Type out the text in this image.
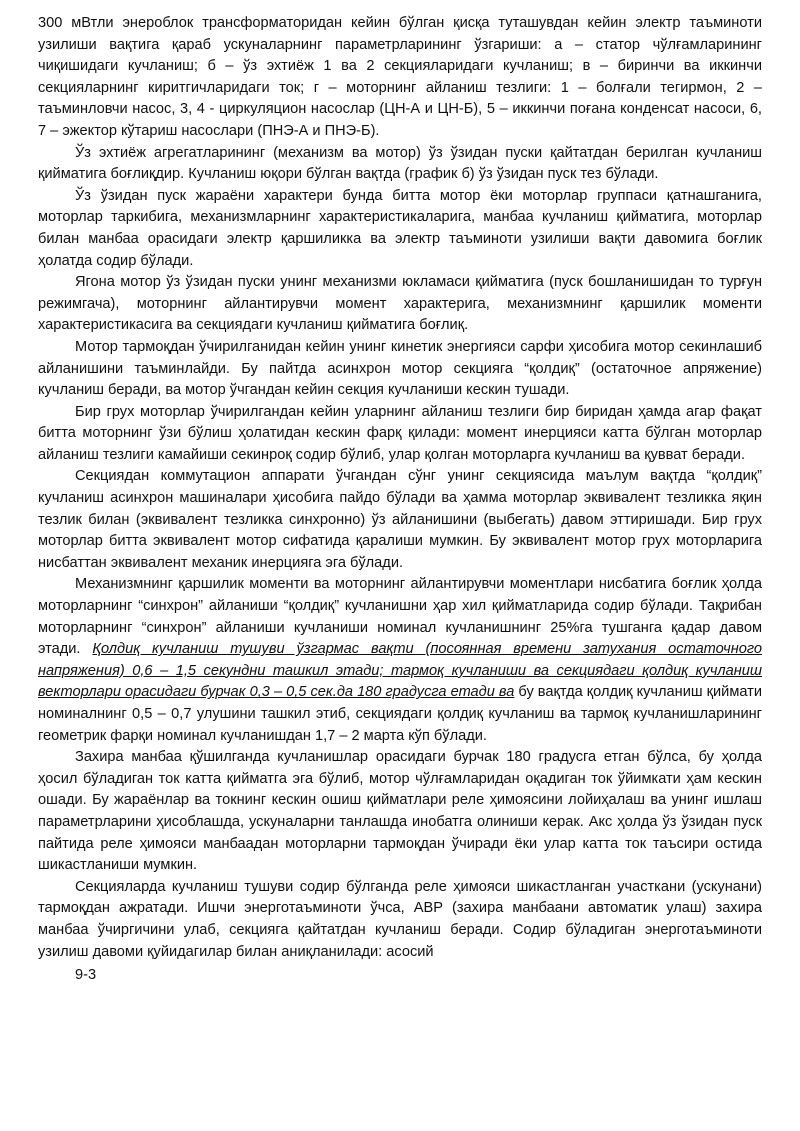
300 мВтли энероблок трансформаторидан кейин бўлган қисқа туташувдан кейин электр таъминоти узилиши вақтига қараб ускуналарнинг параметрларининг ўзгариши: а – статор чўлғамларининг чиқишидаги кучланиш; б – ўз эхтиёж 1 ва 2 секцияларидаги кучланиш; в – биринчи ва иккинчи секцияларнинг киритгичларидаги ток; г – моторнинг айланиш тезлиги: 1 – болғали тегирмон, 2 – таъминловчи насос, 3, 4 - циркуляцион насослар (ЦН-А и ЦН-Б), 5 – иккинчи поғана конденсат насоси, 6, 7 – эжектор кўтариш насослари (ПНЭ-А и ПНЭ-Б).

Ўз эхтиёж агрегатларининг (механизм ва мотор) ўз ўзидан пуски қайтатдан берилган кучланиш қийматига боғлиқдир. Кучланиш юқори бўлган вақтда (график б) ўз ўзидан пуск тез бўлади.

Ўз ўзидан пуск жараёни характери бунда битта мотор ёки моторлар группаси қатнашганига, моторлар таркибига, механизмларнинг характеристикаларига, манбаа кучланиш қийматига, моторлар билан манбаа орасидаги электр қаршиликка ва электр таъминоти узилиши вақти давомига боғлик ҳолатда содир бўлади.

Ягона мотор ўз ўзидан пуски унинг механизми юкламаси қийматига (пуск бошланишидан то турғун режимгача), моторнинг айлантирувчи момент характерига, механизмнинг қаршилик моменти характеристикасига ва секциядаги кучланиш қийматига боғлиқ.

Мотор тармоқдан ўчирилганидан кейин унинг кинетик энергияси сарфи ҳисобига мотор секинлашиб айланишини таъминлайди. Бу пайтда асинхрон мотор секцияга “қолдиқ” (остаточное апряжение) кучланиш беради, ва мотор ўчгандан кейин секция кучланиши кескин тушади.

Бир грух моторлар ўчирилгандан кейин уларнинг айланиш тезлиги бир биридан ҳамда агар фақат битта моторнинг ўзи бўлиш ҳолатидан кескин фарқ қилади: момент инерцияси катта бўлган моторлар айланиш тезлиги камайиши секинроқ содир бўлиб, улар қолган моторларга кучланиш ва қувват беради.

Секциядан коммутацион аппарати ўчгандан сўнг унинг секциясида маълум вақтда “қолдиқ” кучланиш асинхрон машиналари ҳисобига пайдо бўлади ва ҳамма моторлар эквивалент тезликка яқин тезлик билан (эквивалент тезликка синхронно) ўз айланишини (выбегать) давом эттиришади. Бир грух моторлар битта эквивалент мотор сифатида қаралиши мумкин. Бу эквивалент мотор грух моторларига нисбаттан эквивалент механик инерцияга эга бўлади.

Механизмнинг қаршилик моменти ва моторнинг айлантирувчи моментлари нисбатига боғлик ҳолда моторларнинг “синхрон” айланиши “қолдиқ” кучланишни ҳар хил қийматларида содир бўлади. Тақрибан моторларнинг “синхрон” айланиши кучланиши номинал кучланишнинг 25%га тушганга қадар давом этади. Қолдиқ кучланиш тушуви ўзгармас вақти (посоянная времени затухания остаточного напряжения) 0,6 – 1,5 секундни ташкил этади; тармоқ кучланиши ва секциядаги қолдиқ кучланиш векторлари орасидаги бурчак 0,3 – 0,5 сек.да 180 градусга етади ва бу вақтда қолдиқ кучланиш қиймати номиналнинг 0,5 – 0,7 улушини ташкил этиб, секциядаги қолдиқ кучланиш ва тармоқ кучланишларининг геометрик фарқи номинал кучланишдан 1,7 – 2 марта кўп бўлади.

Захира манбаа қўшилганда кучланишлар орасидаги бурчак 180 градусга етган бўлса, бу ҳолда ҳосил бўладиган ток катта қийматга эга бўлиб, мотор чўлғамларидан оқадиган ток ўйимкати ҳам кескин ошади. Бу жараёнлар ва токнинг кескин ошиш қийматлари реле ҳимоясини лойиҳалаш ва унинг ишлаш параметрларини ҳисоблашда, ускуналарни танлашда инобатга олиниши керак. Акс ҳолда ўз ўзидан пуск пайтида реле ҳимояси манбаадан моторларни тармоқдан ўчиради ёки улар катта ток таъсири остида шикастланиши мумкин.

Секцияларда кучланиш тушуви содир бўлганда реле ҳимояси шикастланган участкани (ускунани) тармоқдан ажратади. Ишчи энерготаъминоти ўчса, АВР (захира манбаани автоматик улаш) захира манбаа ўчиргичини улаб, секцияга қайтатдан кучланиш беради. Содир бўладиган энерготаъминоти узилиш давоми қуйидагилар билан аниқланилади: асосий

9-3
